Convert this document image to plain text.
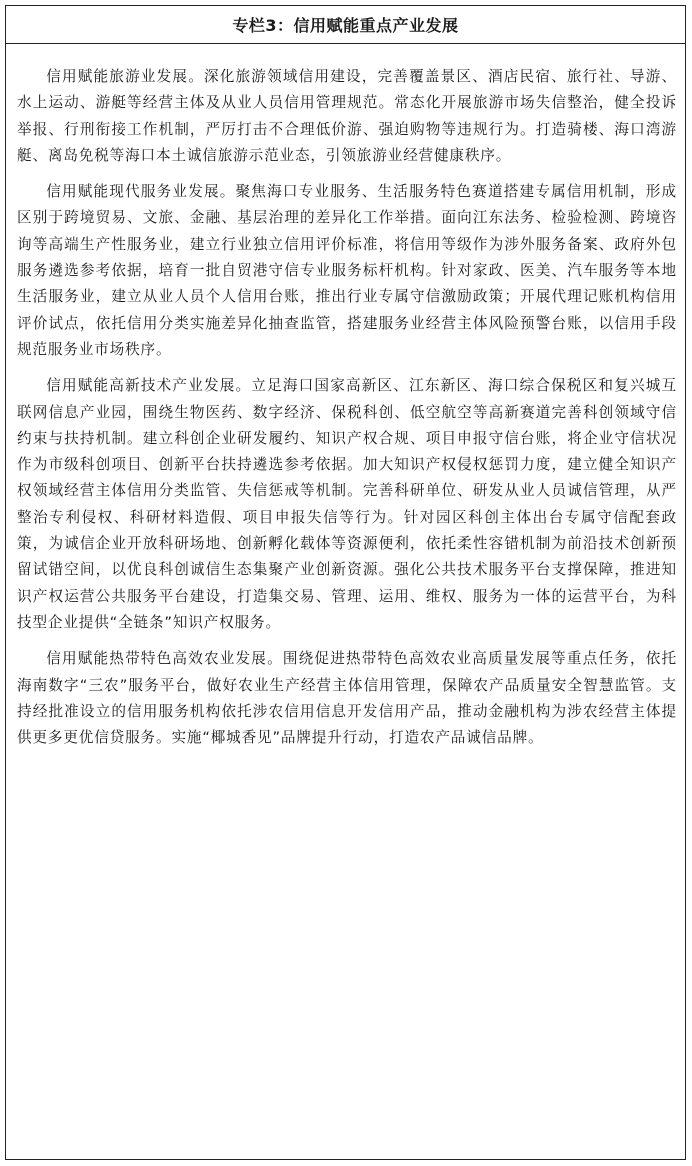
专栏3：信用赋能重点产业发展

信用赋能旅游业发展。深化旅游领域信用建设，完善覆盖景区、酒店民宿、旅行社、导游、水上运动、游艇等经营主体及从业人员信用管理规范。常态化开展旅游市场失信整治，健全投诉举报、行刑衔接工作机制，严厉打击不合理低价游、强迫购物等违规行为。打造骑楼、海口湾游艇、离岛免税等海口本土诚信旅游示范业态，引领旅游业经营健康秩序。

信用赋能现代服务业发展。聚焦海口专业服务、生活服务特色赛道搭建专属信用机制，形成区别于跨境贸易、文旅、金融、基层治理的差异化工作举措。面向江东法务、检验检测、跨境咨询等高端生产性服务业，建立行业独立信用评价标准，将信用等级作为涉外服务备案、政府外包服务遴选参考依据，培育一批自贸港守信专业服务标杆机构。针对家政、医美、汽车服务等本地生活服务业，建立从业人员个人信用台账，推出行业专属守信激励政策；开展代理记账机构信用评价试点，依托信用分类实施差异化抽查监管，搭建服务业经营主体风险预警台账，以信用手段规范服务业市场秩序。

信用赋能高新技术产业发展。立足海口国家高新区、江东新区、海口综合保税区和复兴城互联网信息产业园，围绕生物医药、数字经济、保税科创、低空航空等高新赛道完善科创领域守信约束与扶持机制。建立科创企业研发履约、知识产权合规、项目申报守信台账，将企业守信状况作为市级科创项目、创新平台扶持遴选参考依据。加大知识产权侵权惩罚力度，建立健全知识产权领域经营主体信用分类监管、失信惩戒等机制。完善科研单位、研发从业人员诚信管理，从严整治专利侵权、科研材料造假、项目申报失信等行为。针对园区科创主体出台专属守信配套政策，为诚信企业开放科研场地、创新孵化载体等资源便利，依托柔性容错机制为前沿技术创新预留试错空间，以优良科创诚信生态集聚产业创新资源。强化公共技术服务平台支撑保障，推进知识产权运营公共服务平台建设，打造集交易、管理、运用、维权、服务为一体的运营平台，为科技型企业提供“全链条”知识产权服务。

信用赋能热带特色高效农业发展。围绕促进热带特色高效农业高质量发展等重点任务，依托海南数字“三农”服务平台，做好农业生产经营主体信用管理，保障农产品质量安全智慧监管。支持经批准设立的信用服务机构依托涉农信用信息开发信用产品，推动金融机构为涉农经营主体提供更多更优信贷服务。实施“椰城香见”品牌提升行动，打造农产品诚信品牌。
